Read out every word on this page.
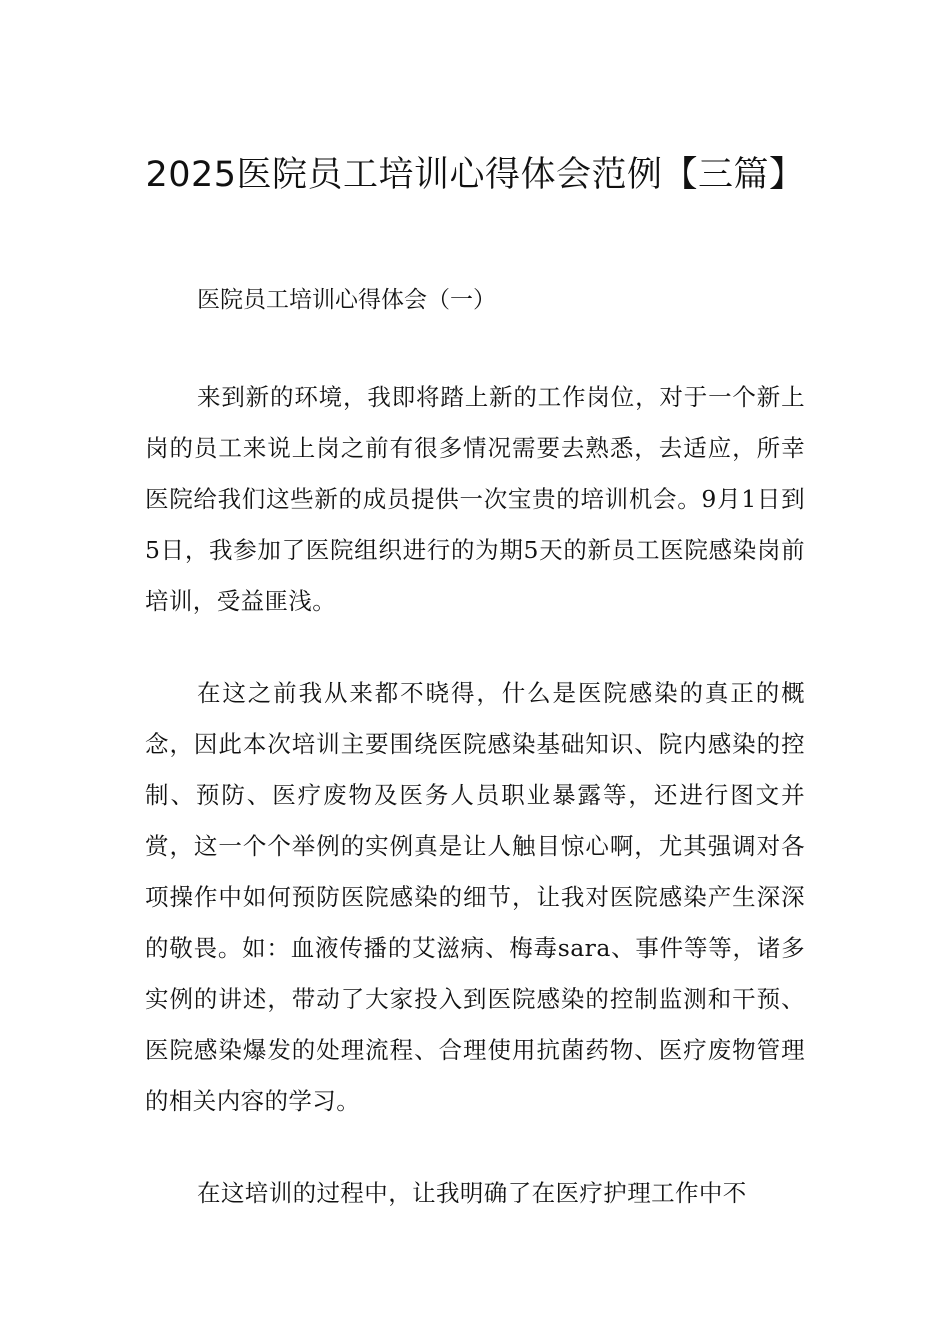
2025医院员工培训心得体会范例【三篇】

医院员工培训心得体会（一）

来到新的环境，我即将踏上新的工作岗位，对于一个新上岗的员工来说上岗之前有很多情况需要去熟悉，去适应，所幸医院给我们这些新的成员提供一次宝贵的培训机会。9月1日到5日，我参加了医院组织进行的为期5天的新员工医院感染岗前培训，受益匪浅。

在这之前我从来都不晓得，什么是医院感染的真正的概念，因此本次培训主要围绕医院感染基础知识、院内感染的控制、预防、医疗废物及医务人员职业暴露等，还进行图文并赏，这一个个举例的实例真是让人触目惊心啊，尤其强调对各项操作中如何预防医院感染的细节，让我对医院感染产生深深的敬畏。如：血液传播的艾滋病、梅毒sara、事件等等，诸多实例的讲述，带动了大家投入到医院感染的控制监测和干预、医院感染爆发的处理流程、合理使用抗菌药物、医疗废物管理的相关内容的学习。

在这培训的过程中，让我明确了在医疗护理工作中不
